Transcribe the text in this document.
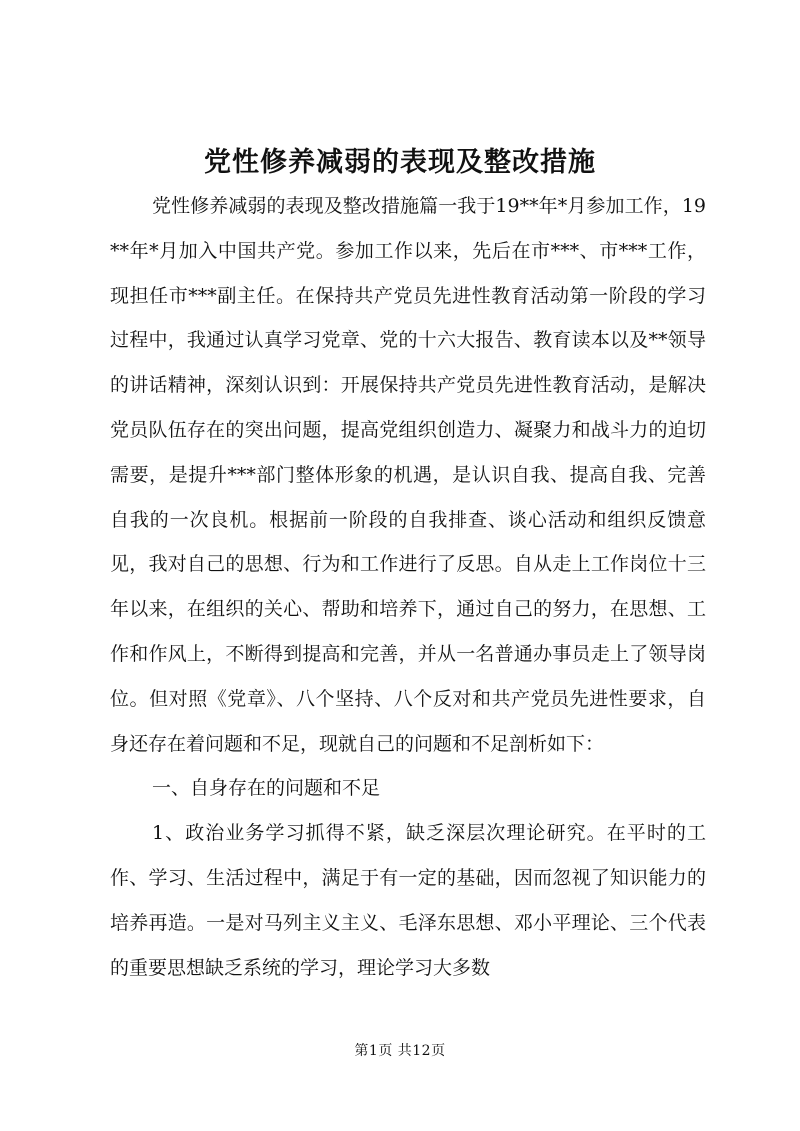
党性修养减弱的表现及整改措施

党性修养减弱的表现及整改措施篇一我于19**年*月参加工作，19**年*月加入中国共产党。参加工作以来，先后在市***、市***工作，现担任市***副主任。在保持共产党员先进性教育活动第一阶段的学习过程中，我通过认真学习党章、党的十六大报告、教育读本以及**领导的讲话精神，深刻认识到：开展保持共产党员先进性教育活动，是解决党员队伍存在的突出问题，提高党组织创造力、凝聚力和战斗力的迫切需要，是提升***部门整体形象的机遇，是认识自我、提高自我、完善自我的一次良机。根据前一阶段的自我排查、谈心活动和组织反馈意见，我对自己的思想、行为和工作进行了反思。自从走上工作岗位十三年以来，在组织的关心、帮助和培养下，通过自己的努力，在思想、工作和作风上，不断得到提高和完善，并从一名普通办事员走上了领导岗位。但对照《党章》、八个坚持、八个反对和共产党员先进性要求，自身还存在着问题和不足，现就自己的问题和不足剖析如下：

一、自身存在的问题和不足

1、政治业务学习抓得不紧，缺乏深层次理论研究。在平时的工作、学习、生活过程中，满足于有一定的基础，因而忽视了知识能力的培养再造。一是对马列主义主义、毛泽东思想、邓小平理论、三个代表的重要思想缺乏系统的学习，理论学习大多数

第1页 共12页
